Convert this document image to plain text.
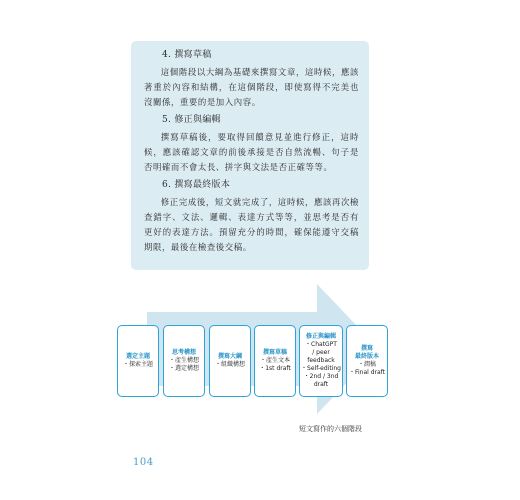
4. 撰寫草稿

這個階段以大綱為基礎來撰寫文章，這時候，應該著重於內容和結構，在這個階段，即使寫得不完美也沒關係，重要的是加入內容。

5. 修正與編輯

撰寫草稿後，要取得回饋意見並進行修正，這時候，應該確認文章的前後承接是否自然流暢、句子是否明確而不會太長、拼字與文法是否正確等等。

6. 撰寫最終版本

修正完成後，短文就完成了，這時候，應該再次檢查錯字、文法、邏輯、表達方式等等，並思考是否有更好的表達方法。預留充分的時間，確保能遵守交稿期限，最後在檢查後交稿。

選定主題
・探索主題
思考構想
・產生構想
・選定構想
撰寫大綱
・組織構想
撰寫草稿
・產生文本
・1st draft
修正與編輯
・ChatGPT
/ peer
feedback
・Self-editing
・2nd / 3nd
draft
撰寫
最終版本
・潤稿
・Final draft
短文寫作的六個階段
104
